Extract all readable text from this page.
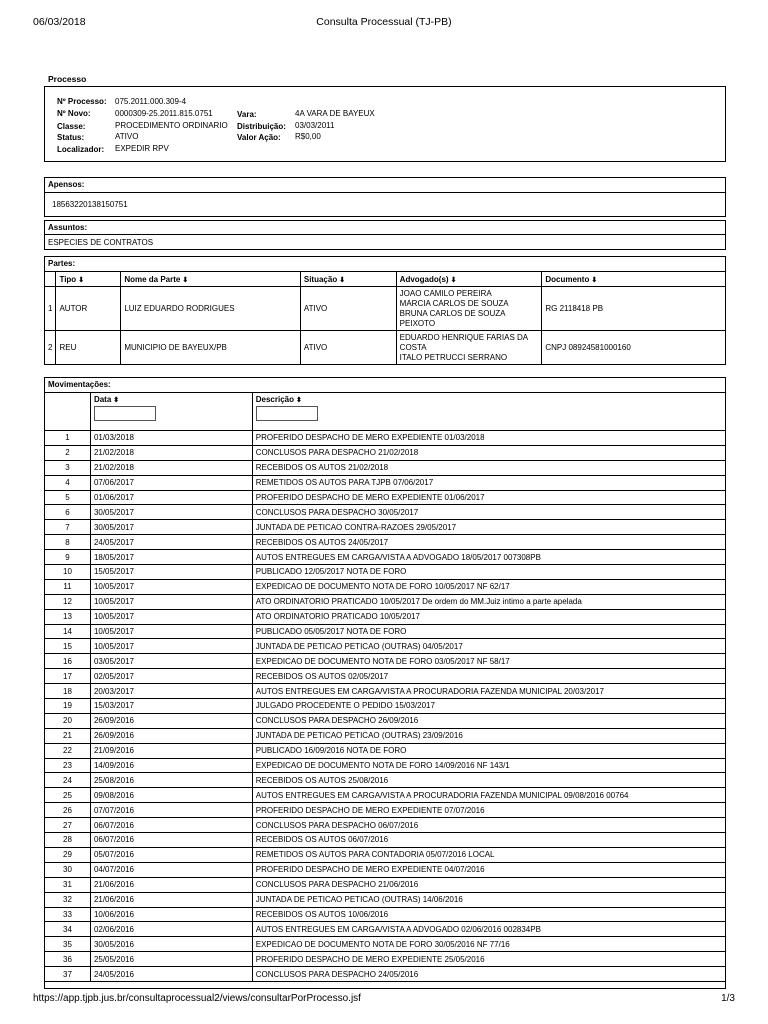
06/03/2018	Consulta Processual (TJ-PB)
https://app.tjpb.jus.br/consultaprocessual2/views/consultarPorProcesso.jsf	1/3
Processo
Nº Processo: 075.2011.000.309-4
Nº Novo:	0000309-25.2011.815.0751
Classe:	PROCEDIMENTO ORDINARIO
Status:	ATIVO
Localizador: EXPEDIR RPV
Vara:	4A VARA DE BAYEUX
Distribuição: 03/03/2011
Valor Ação: R$0,00
Apensos:
18563220138150751
Assuntos:
ESPECIES DE CONTRATOS
Partes:
	Tipo ⬇	Nome da Parte ⬇	Situação ⬇	Advogado(s) ⬇	Documento ⬇
1	AUTOR	LUIZ EDUARDO RODRIGUES	ATIVO	JOAO CAMILO PEREIRA
MARCIA CARLOS DE SOUZA
BRUNA CARLOS DE SOUZA
PEIXOTO	RG 2118418 PB
2	REU	MUNICIPIO DE BAYEUX/PB	ATIVO	EDUARDO HENRIQUE FARIAS DA
COSTA
ITALO PETRUCCI SERRANO	CNPJ 08924581000160
Movimentações:
	Data ⬍	Descrição ⬍

1	01/03/2018	PROFERIDO DESPACHO DE MERO EXPEDIENTE 01/03/2018
2	21/02/2018	CONCLUSOS PARA DESPACHO 21/02/2018
3	21/02/2018	RECEBIDOS OS AUTOS 21/02/2018
4	07/06/2017	REMETIDOS OS AUTOS PARA TJPB 07/06/2017
5	01/06/2017	PROFERIDO DESPACHO DE MERO EXPEDIENTE 01/06/2017
6	30/05/2017	CONCLUSOS PARA DESPACHO 30/05/2017
7	30/05/2017	JUNTADA DE PETICAO CONTRA-RAZOES 29/05/2017
8	24/05/2017	RECEBIDOS OS AUTOS 24/05/2017
9	18/05/2017	AUTOS ENTREGUES EM CARGA/VISTA A ADVOGADO 18/05/2017 007308PB
10	15/05/2017	PUBLICADO 12/05/2017 NOTA DE FORO
11	10/05/2017	EXPEDICAO DE DOCUMENTO NOTA DE FORO 10/05/2017 NF 62/17
12	10/05/2017	ATO ORDINATORIO PRATICADO 10/05/2017 De ordem do MM.Juiz intimo a parte apelada
13	10/05/2017	ATO ORDINATORIO PRATICADO 10/05/2017
14	10/05/2017	PUBLICADO 05/05/2017 NOTA DE FORO
15	10/05/2017	JUNTADA DE PETICAO PETICAO (OUTRAS) 04/05/2017
16	03/05/2017	EXPEDICAO DE DOCUMENTO NOTA DE FORO 03/05/2017 NF 58/17
17	02/05/2017	RECEBIDOS OS AUTOS 02/05/2017
18	20/03/2017	AUTOS ENTREGUES EM CARGA/VISTA A PROCURADORIA FAZENDA MUNICIPAL 20/03/2017
19	15/03/2017	JULGADO PROCEDENTE O PEDIDO 15/03/2017
20	26/09/2016	CONCLUSOS PARA DESPACHO 26/09/2016
21	26/09/2016	JUNTADA DE PETICAO PETICAO (OUTRAS) 23/09/2016
22	21/09/2016	PUBLICADO 16/09/2016 NOTA DE FORO
23	14/09/2016	EXPEDICAO DE DOCUMENTO NOTA DE FORO 14/09/2016 NF 143/1
24	25/08/2016	RECEBIDOS OS AUTOS 25/08/2016
25	09/08/2016	AUTOS ENTREGUES EM CARGA/VISTA A PROCURADORIA FAZENDA MUNICIPAL 09/08/2016 00764
26	07/07/2016	PROFERIDO DESPACHO DE MERO EXPEDIENTE 07/07/2016
27	06/07/2016	CONCLUSOS PARA DESPACHO 06/07/2016
28	06/07/2016	RECEBIDOS OS AUTOS 06/07/2016
29	05/07/2016	REMETIDOS OS AUTOS PARA CONTADORIA 05/07/2016 LOCAL
30	04/07/2016	PROFERIDO DESPACHO DE MERO EXPEDIENTE 04/07/2016
31	21/06/2016	CONCLUSOS PARA DESPACHO 21/06/2016
32	21/06/2016	JUNTADA DE PETICAO PETICAO (OUTRAS) 14/06/2016
33	10/06/2016	RECEBIDOS OS AUTOS 10/06/2016
34	02/06/2016	AUTOS ENTREGUES EM CARGA/VISTA A ADVOGADO 02/06/2016 002834PB
35	30/05/2016	EXPEDICAO DE DOCUMENTO NOTA DE FORO 30/05/2016 NF 77/16
36	25/05/2016	PROFERIDO DESPACHO DE MERO EXPEDIENTE 25/05/2016
37	24/05/2016	CONCLUSOS PARA DESPACHO 24/05/2016
